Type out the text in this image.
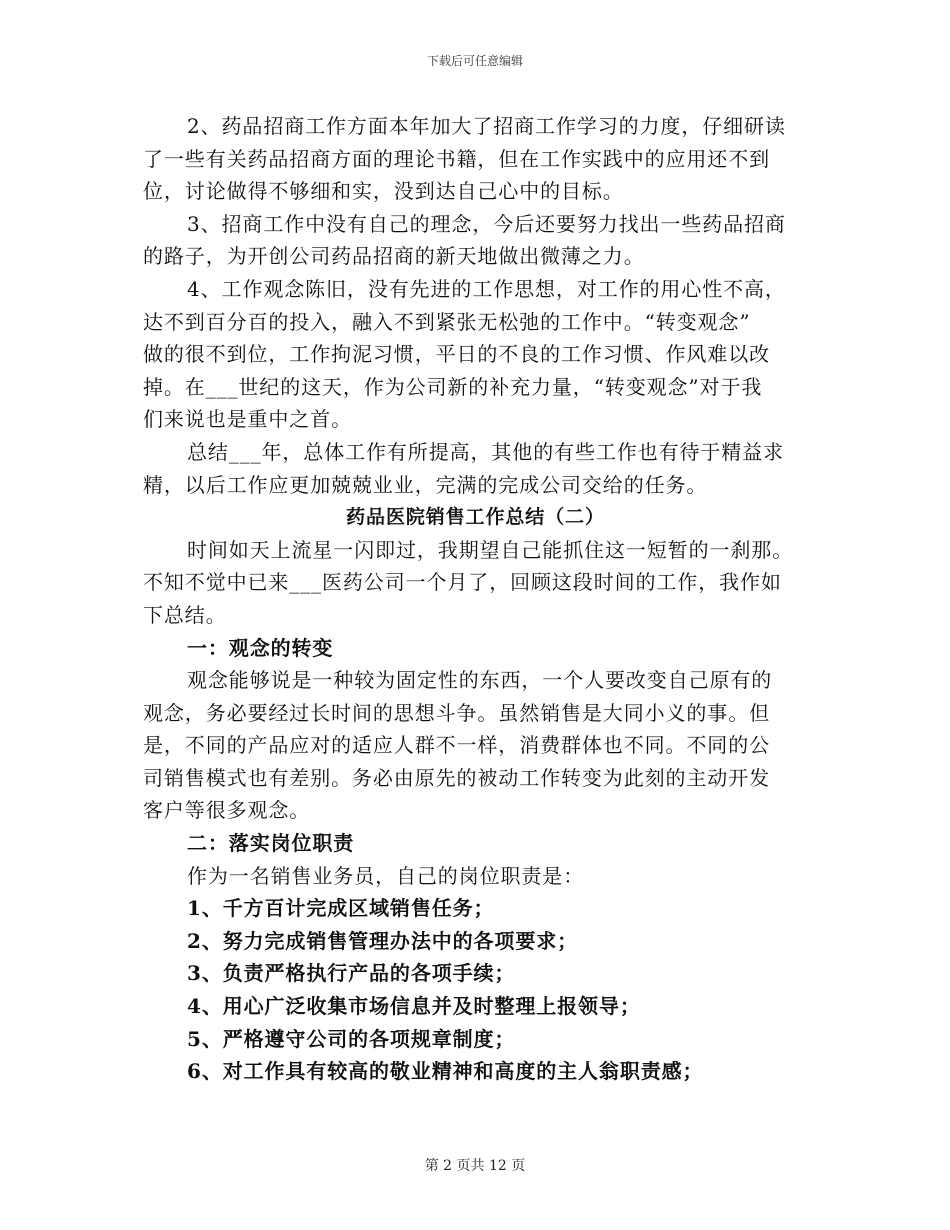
下载后可任意编辑
2、药品招商工作方面本年加大了招商工作学习的力度，仔细研读
了一些有关药品招商方面的理论书籍，但在工作实践中的应用还不到
位，讨论做得不够细和实，没到达自己心中的目标。
3、招商工作中没有自己的理念，今后还要努力找出一些药品招商
的路子，为开创公司药品招商的新天地做出微薄之力。
4、工作观念陈旧，没有先进的工作思想，对工作的用心性不高，
达不到百分百的投入，融入不到紧张无松弛的工作中。“转变观念”
做的很不到位，工作拘泥习惯，平日的不良的工作习惯、作风难以改
掉。在___世纪的这天，作为公司新的补充力量，“转变观念”对于我
们来说也是重中之首。
总结___年，总体工作有所提高，其他的有些工作也有待于精益求
精，以后工作应更加兢兢业业，完满的完成公司交给的任务。
药品医院销售工作总结（二）
时间如天上流星一闪即过，我期望自己能抓住这一短暂的一刹那。
不知不觉中已来___医药公司一个月了，回顾这段时间的工作，我作如
下总结。
一：观念的转变
观念能够说是一种较为固定性的东西，一个人要改变自己原有的
观念，务必要经过长时间的思想斗争。虽然销售是大同小义的事。但
是，不同的产品应对的适应人群不一样，消费群体也不同。不同的公
司销售模式也有差别。务必由原先的被动工作转变为此刻的主动开发
客户等很多观念。
二：落实岗位职责
作为一名销售业务员，自己的岗位职责是：
1、千方百计完成区域销售任务；
2、努力完成销售管理办法中的各项要求；
3、负责严格执行产品的各项手续；
4、用心广泛收集市场信息并及时整理上报领导；
5、严格遵守公司的各项规章制度；
6、对工作具有较高的敬业精神和高度的主人翁职责感；
第 2 页共 12 页
